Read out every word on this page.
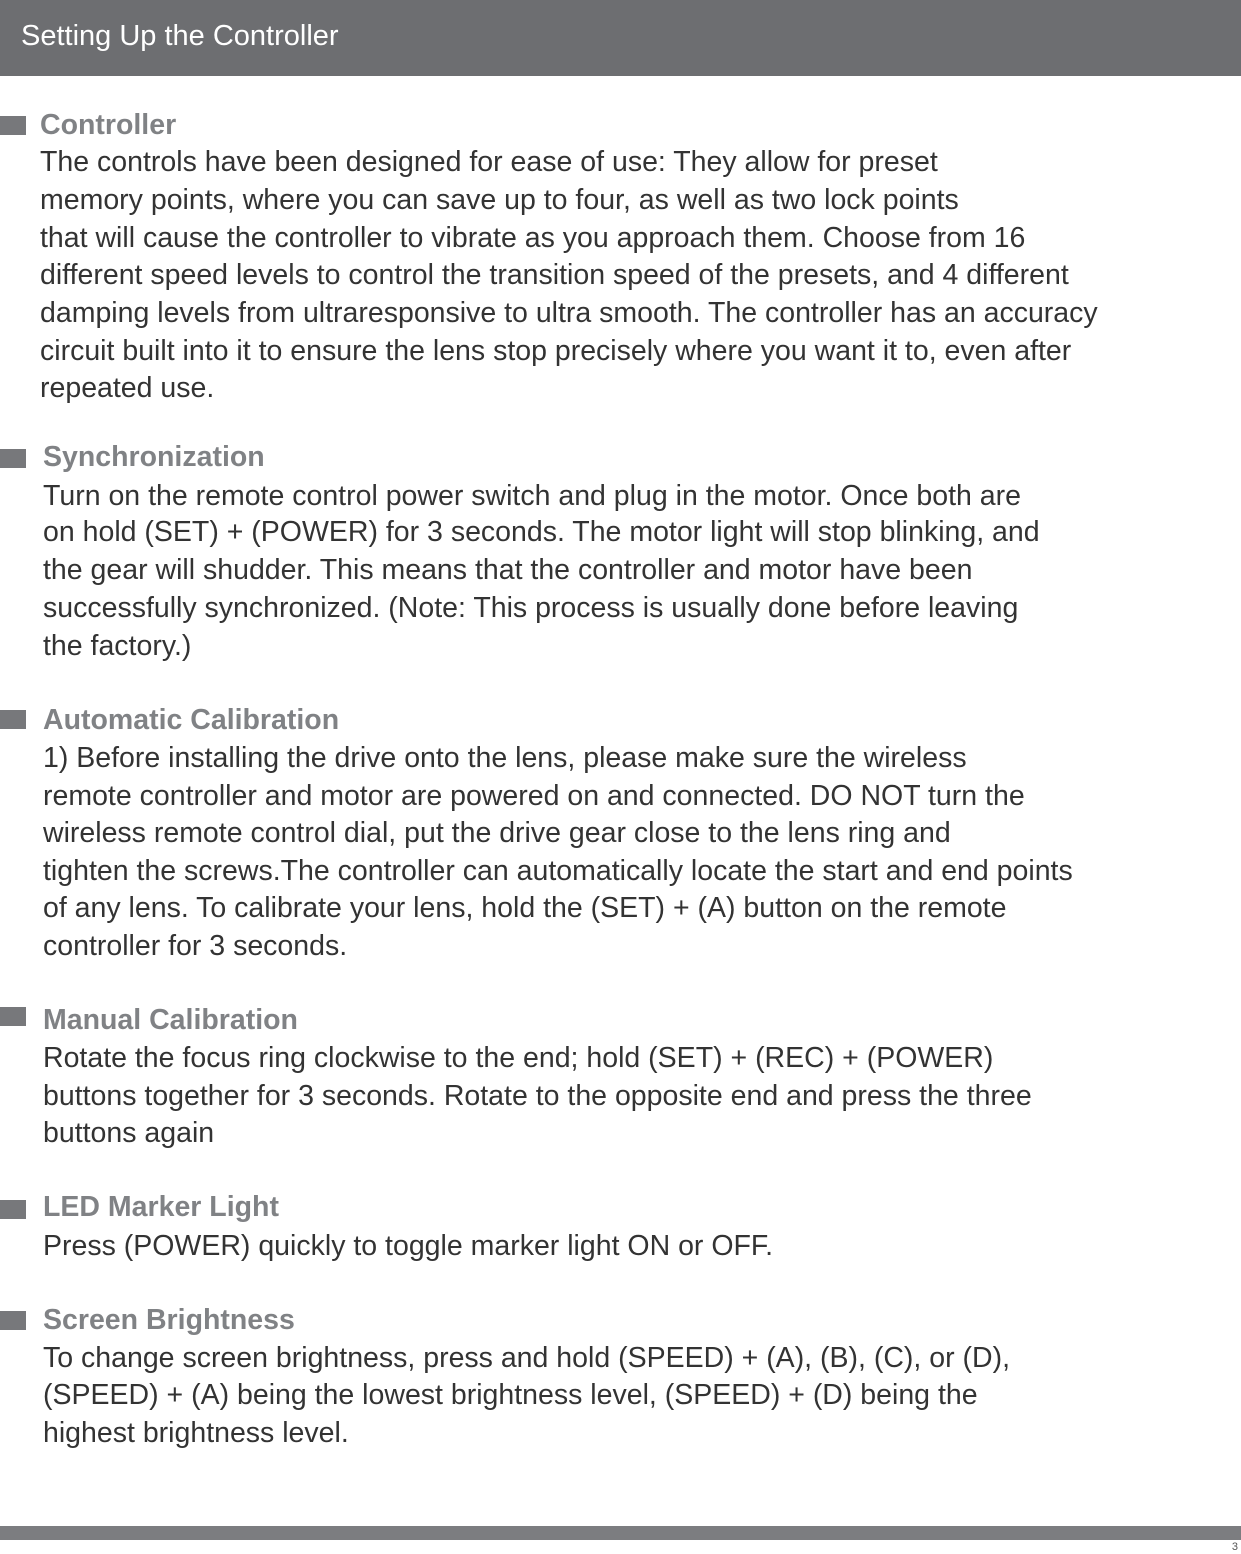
Setting Up the Controller
Controller
The controls have been designed for ease of use: They allow for preset
memory points, where you can save up to four, as well as two lock points
that will cause the controller to vibrate as you approach them. Choose from 16
different speed levels to control the transition speed of the presets, and 4 different
damping levels from ultraresponsive to ultra smooth. The controller has an accuracy
circuit built into it to ensure the lens stop precisely where you want it to, even after
repeated use.
Synchronization
Turn on the remote control power switch and plug in the motor. Once both are
on hold (SET) + (POWER) for 3 seconds. The motor light will stop blinking, and
the gear will shudder. This means that the controller and motor have been
successfully synchronized. (Note: This process is usually done before leaving
the factory.)
Automatic Calibration
1) Before installing the drive onto the lens, please make sure the wireless
remote controller and motor are powered on and connected. DO NOT turn the
wireless remote control dial, put the drive gear close to the lens ring and
tighten the screws.The controller can automatically locate the start and end points
of any lens. To calibrate your lens, hold the (SET) + (A) button on the remote
controller for 3 seconds.
Manual Calibration
Rotate the focus ring clockwise to the end; hold (SET) + (REC) + (POWER)
buttons together for 3 seconds. Rotate to the opposite end and press the three
buttons again
LED Marker Light
Press (POWER) quickly to toggle marker light ON or OFF.
Screen Brightness
To change screen brightness, press and hold (SPEED) + (A), (B), (C), or (D),
(SPEED) + (A) being the lowest brightness level, (SPEED) + (D) being the
highest brightness level.
3
